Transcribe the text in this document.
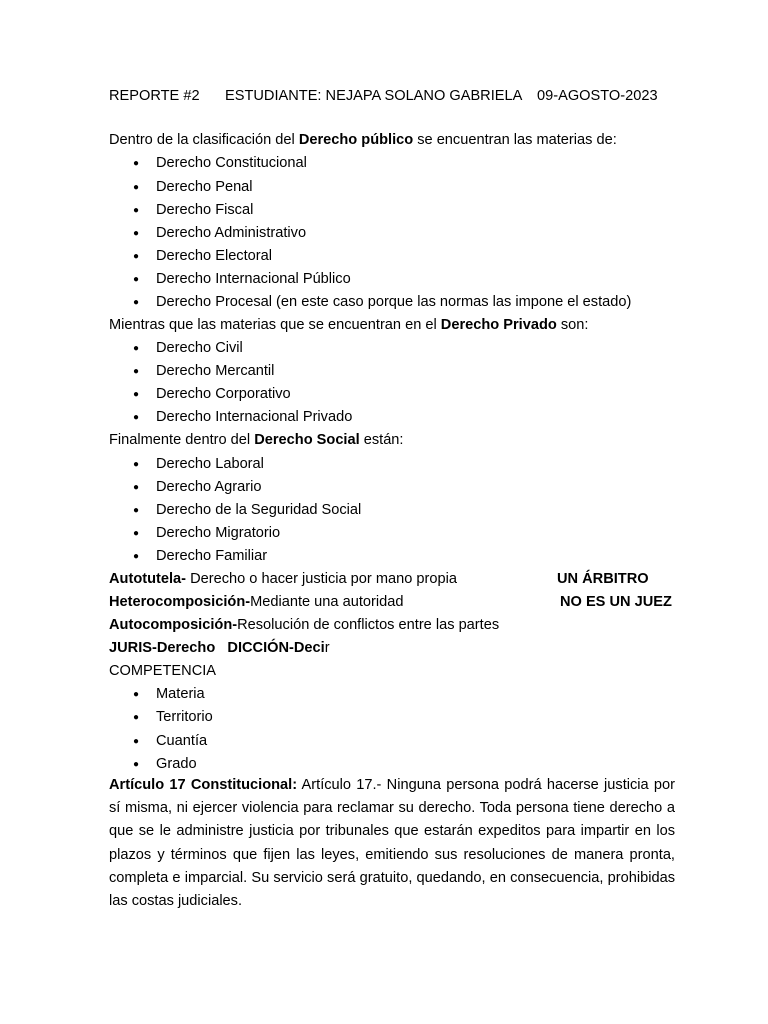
REPORTE #2 ESTUDIANTE: NEJAPA SOLANO GABRIELA 09-AGOSTO-2023
Dentro de la clasificación del Derecho público se encuentran las materias de:
● Derecho Constitucional
● Derecho Penal
● Derecho Fiscal
● Derecho Administrativo
● Derecho Electoral
● Derecho Internacional Público
● Derecho Procesal (en este caso porque las normas las impone el estado)
Mientras que las materias que se encuentran en el Derecho Privado son:
● Derecho Civil
● Derecho Mercantil
● Derecho Corporativo
● Derecho Internacional Privado
Finalmente dentro del Derecho Social están:
● Derecho Laboral
● Derecho Agrario
● Derecho de la Seguridad Social
● Derecho Migratorio
● Derecho Familiar
Autotutela- Derecho o hacer justicia por mano propia	UN ÁRBITRO
Heterocomposición-Mediante una autoridad	NO ES UN JUEZ
Autocomposición-Resolución de conflictos entre las partes
JURIS-Derecho   DICCIÓN-Decir
COMPETENCIA
● Materia
● Territorio
● Cuantía
● Grado
Artículo 17 Constitucional: Artículo 17.- Ninguna persona podrá hacerse justicia por sí misma, ni ejercer violencia para reclamar su derecho. Toda persona tiene derecho a que se le administre justicia por tribunales que estarán expeditos para impartir en los plazos y términos que fijen las leyes, emitiendo sus resoluciones de manera pronta, completa e imparcial. Su servicio será gratuito, quedando, en consecuencia, prohibidas las costas judiciales.
